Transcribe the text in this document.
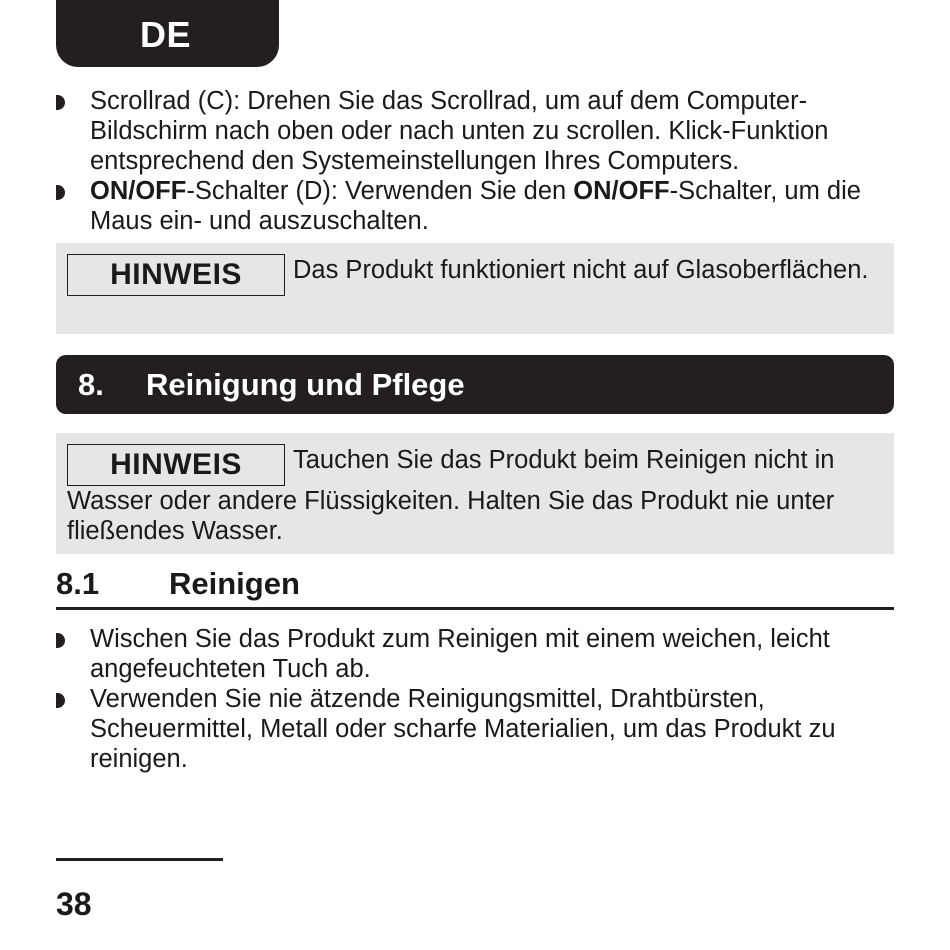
DE
Scrollrad (C): Drehen Sie das Scrollrad, um auf dem Computer-Bildschirm nach oben oder nach unten zu scrollen. Klick-Funktion entsprechend den Systemeinstellungen Ihres Computers.
ON/OFF-Schalter (D): Verwenden Sie den ON/OFF-Schalter, um die Maus ein- und auszuschalten.
HINWEIS Das Produkt funktioniert nicht auf Glasoberflächen.
8. Reinigung und Pflege
HINWEIS Tauchen Sie das Produkt beim Reinigen nicht in Wasser oder andere Flüssigkeiten. Halten Sie das Produkt nie unter fließendes Wasser.
8.1 Reinigen
Wischen Sie das Produkt zum Reinigen mit einem weichen, leicht angefeuchteten Tuch ab.
Verwenden Sie nie ätzende Reinigungsmittel, Drahtbürsten, Scheuermittel, Metall oder scharfe Materialien, um das Produkt zu reinigen.
38
